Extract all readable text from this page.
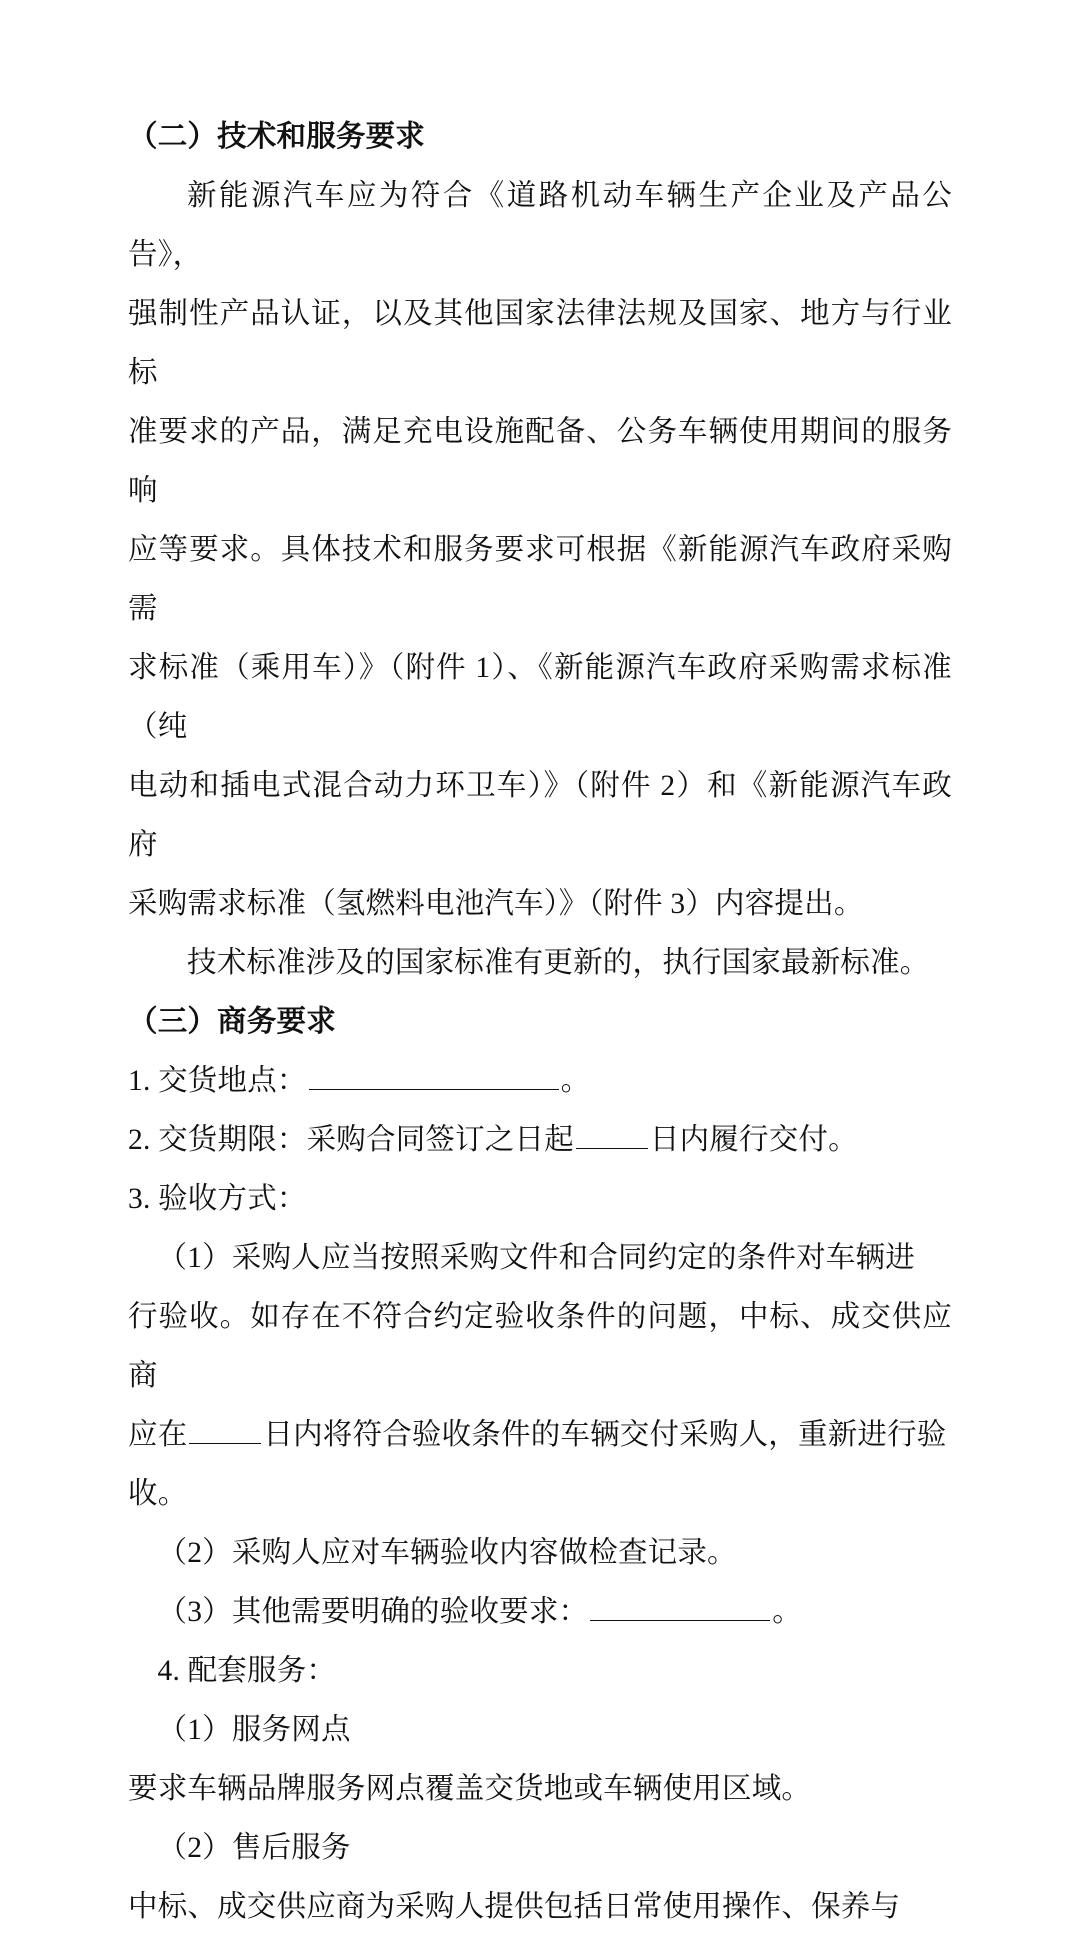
（二）技术和服务要求

新能源汽车应为符合《道路机动车辆生产企业及产品公告》，

强制性产品认证，以及其他国家法律法规及国家、地方与行业标

准要求的产品，满足充电设施配备、公务车辆使用期间的服务响

应等要求。具体技术和服务要求可根据《新能源汽车政府采购需

求标准（乘用车）》（附件 1）、《新能源汽车政府采购需求标准（纯

电动和插电式混合动力环卫车）》（附件 2）和《新能源汽车政府

采购需求标准（氢燃料电池汽车）》（附件 3）内容提出。

技术标准涉及的国家标准有更新的，执行国家最新标准。

（三）商务要求

1. 交货地点：	。

2. 交货期限：采购合同签订之日起	日内履行交付。

3. 验收方式：

（1）采购人应当按照采购文件和合同约定的条件对车辆进

行验收。如存在不符合约定验收条件的问题，中标、成交供应商

应在	日内将符合验收条件的车辆交付采购人，重新进行验

收。

（2）采购人应对车辆验收内容做检查记录。

（3）其他需要明确的验收要求：	。

4. 配套服务：

（1）服务网点

要求车辆品牌服务网点覆盖交货地或车辆使用区域。

（2）售后服务

中标、成交供应商为采购人提供包括日常使用操作、保养与
